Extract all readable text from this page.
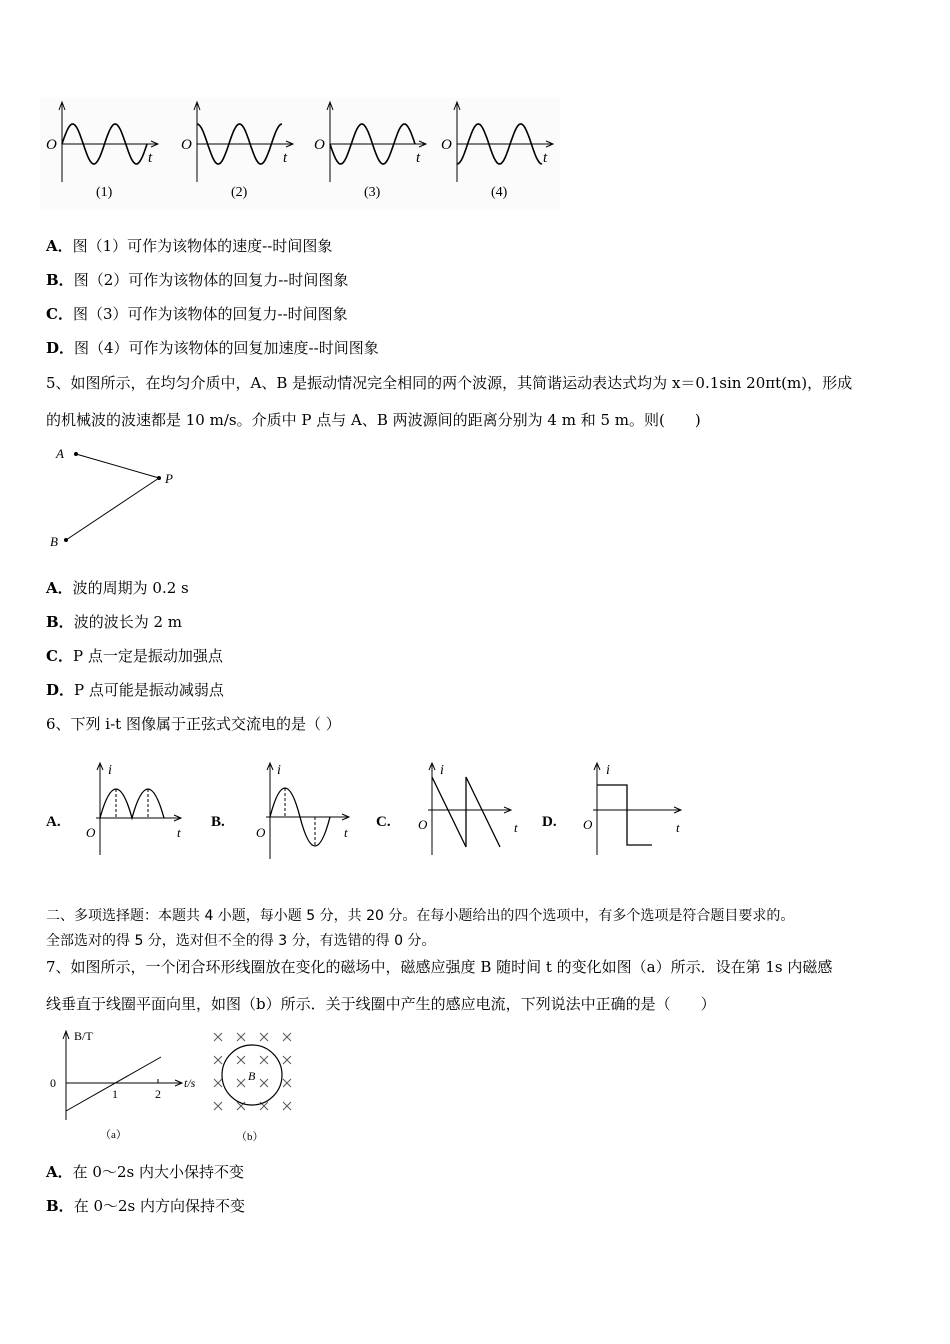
O
t
(1)
O
t
(2)
O
t
(3)
O
t
(4)
A．图（1）可作为该物体的速度--时间图象
B．图（2）可作为该物体的回复力--时间图象
C．图（3）可作为该物体的回复力--时间图象
D．图（4）可作为该物体的回复加速度--时间图象
5、如图所示，在均匀介质中，A、B 是振动情况完全相同的两个波源，其简谐运动表达式均为 x＝0.1sin 20πt(m)，形成
的机械波的波速都是 10 m/s。介质中 P 点与 A、B 两波源间的距离分别为 4 m 和 5 m。则(　　)
A
P
B
A．波的周期为 0.2 s
B．波的波长为 2 m
C．P 点一定是振动加强点
D．P 点可能是振动减弱点
6、下列 i-t 图像属于正弦式交流电的是（ ）
A.	B.	C.	D.
i
O	t
i
O	t
i
O	t
i
O	t
二、多项选择题：本题共 4 小题，每小题 5 分，共 20 分。在每小题给出的四个选项中，有多个选项是符合题目要求的。
全部选对的得 5 分，选对但不全的得 3 分，有选错的得 0 分。
7、如图所示，一个闭合环形线圈放在变化的磁场中，磁感应强度 B 随时间 t 的变化如图（a）所示．设在第 1s 内磁感
线垂直于线圈平面向里，如图（b）所示．关于线圈中产生的感应电流，下列说法中正确的是（　　）
B/T
t/s
0
1	2
（a）
B
（b）
A．在 0～2s 内大小保持不变
B．在 0～2s 内方向保持不变
